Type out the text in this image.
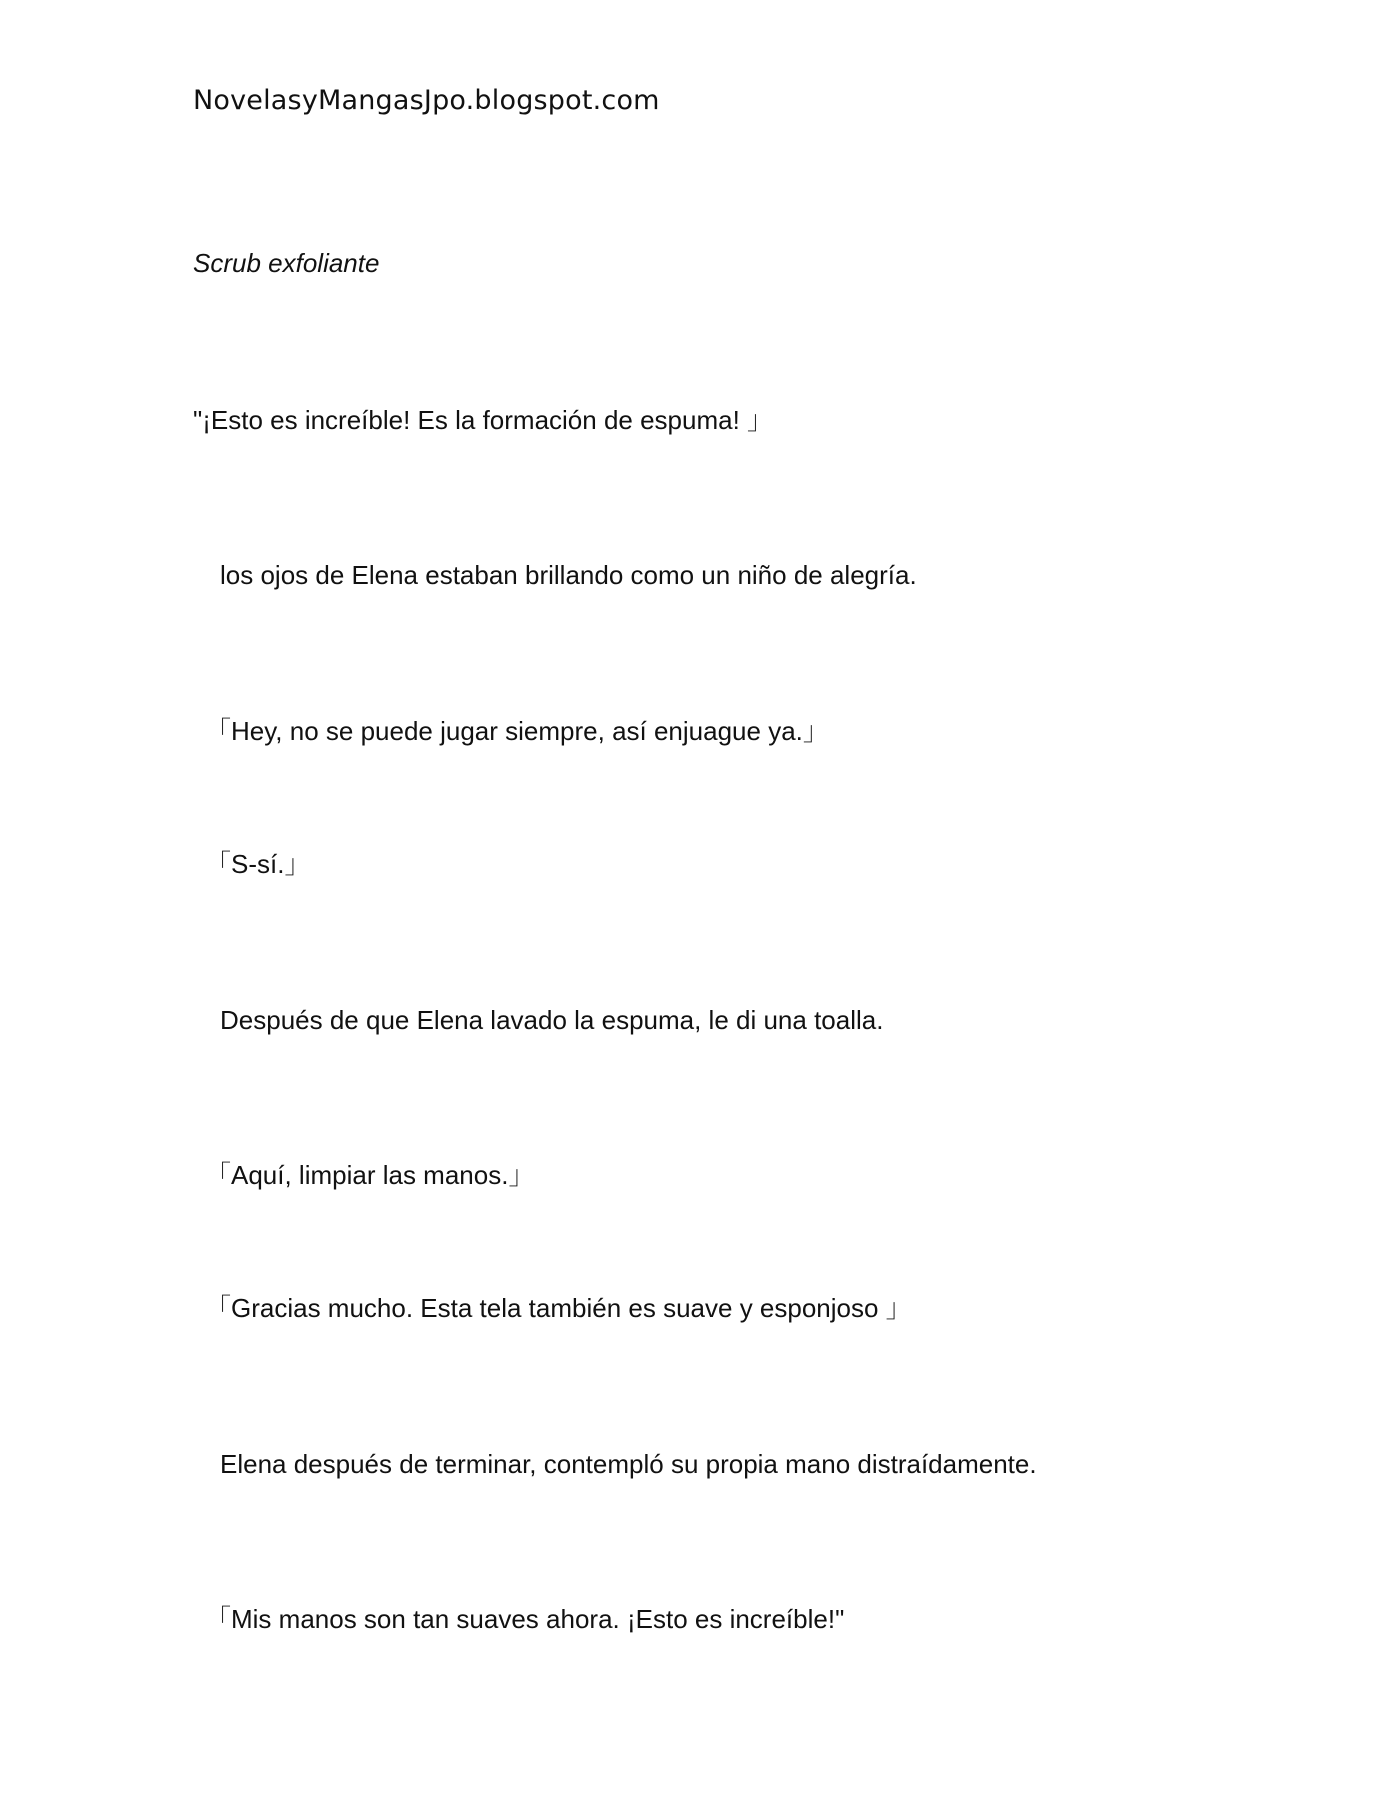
NovelasyMangasJpo.blogspot.com
Scrub exfoliante
"¡Esto es increíble! Es la formación de espuma! 」
los ojos de Elena estaban brillando como un niño de alegría.
「Hey, no se puede jugar siempre, así enjuague ya.」
「S-sí.」
Después de que Elena lavado la espuma, le di una toalla.
「Aquí, limpiar las manos.」
「Gracias mucho. Esta tela también es suave y esponjoso 」
Elena después de terminar, contempló su propia mano distraídamente.
「Mis manos son tan suaves ahora. ¡Esto es increíble!"
